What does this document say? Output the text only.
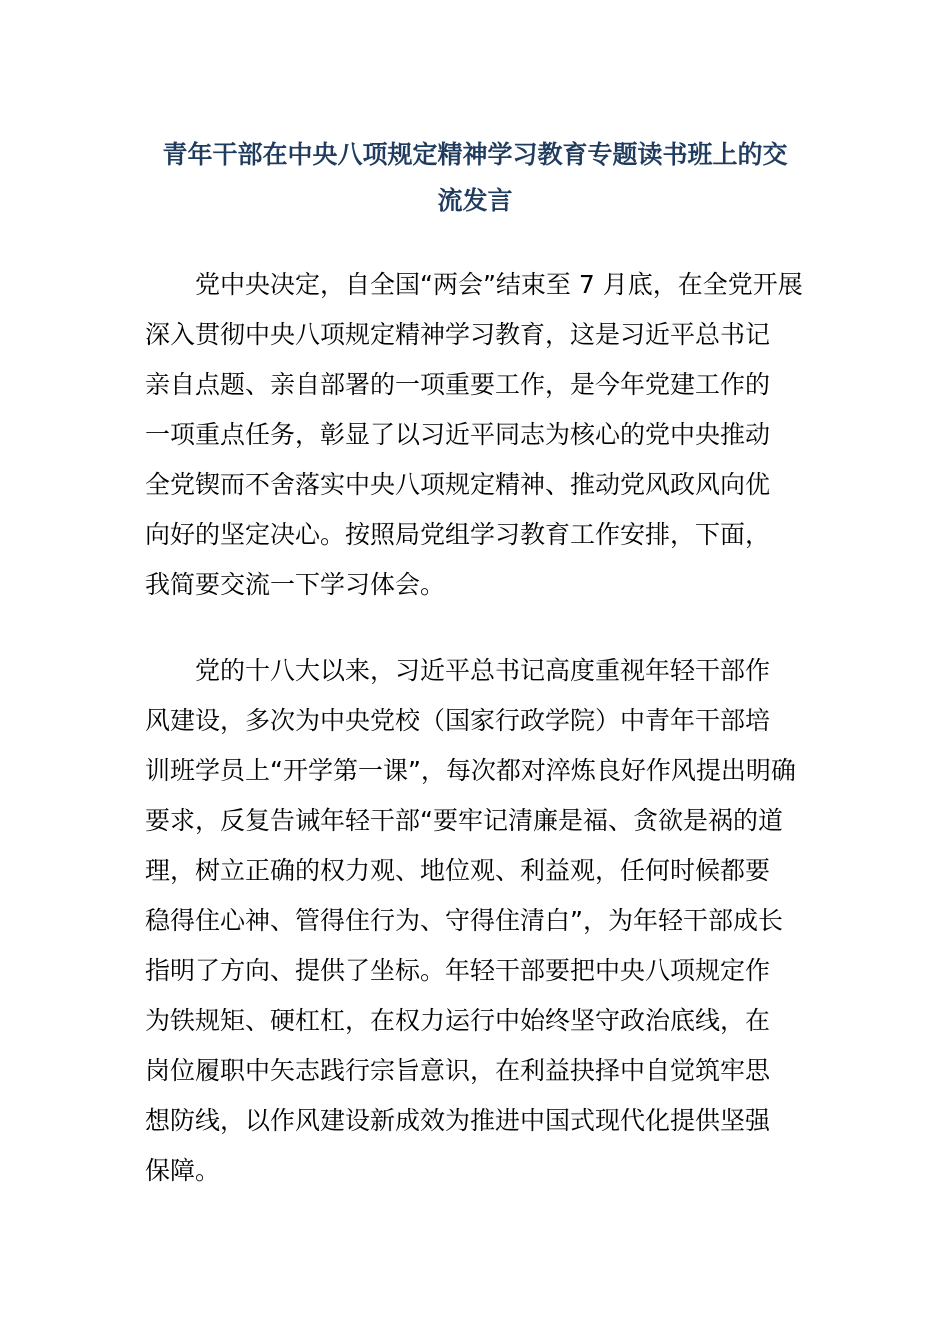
青年干部在中央八项规定精神学习教育专题读书班上的交
流发言

党中央决定，自全国“两会”结束至 7 月底，在全党开展
深入贯彻中央八项规定精神学习教育，这是习近平总书记
亲自点题、亲自部署的一项重要工作，是今年党建工作的
一项重点任务，彰显了以习近平同志为核心的党中央推动
全党锲而不舍落实中央八项规定精神、推动党风政风向优
向好的坚定决心。按照局党组学习教育工作安排，下面，
我简要交流一下学习体会。

党的十八大以来，习近平总书记高度重视年轻干部作
风建设，多次为中央党校（国家行政学院）中青年干部培
训班学员上“开学第一课”，每次都对淬炼良好作风提出明确
要求，反复告诫年轻干部“要牢记清廉是福、贪欲是祸的道
理，树立正确的权力观、地位观、利益观，任何时候都要
稳得住心神、管得住行为、守得住清白”，为年轻干部成长
指明了方向、提供了坐标。年轻干部要把中央八项规定作
为铁规矩、硬杠杠，在权力运行中始终坚守政治底线，在
岗位履职中矢志践行宗旨意识，在利益抉择中自觉筑牢思
想防线，以作风建设新成效为推进中国式现代化提供坚强
保障。
